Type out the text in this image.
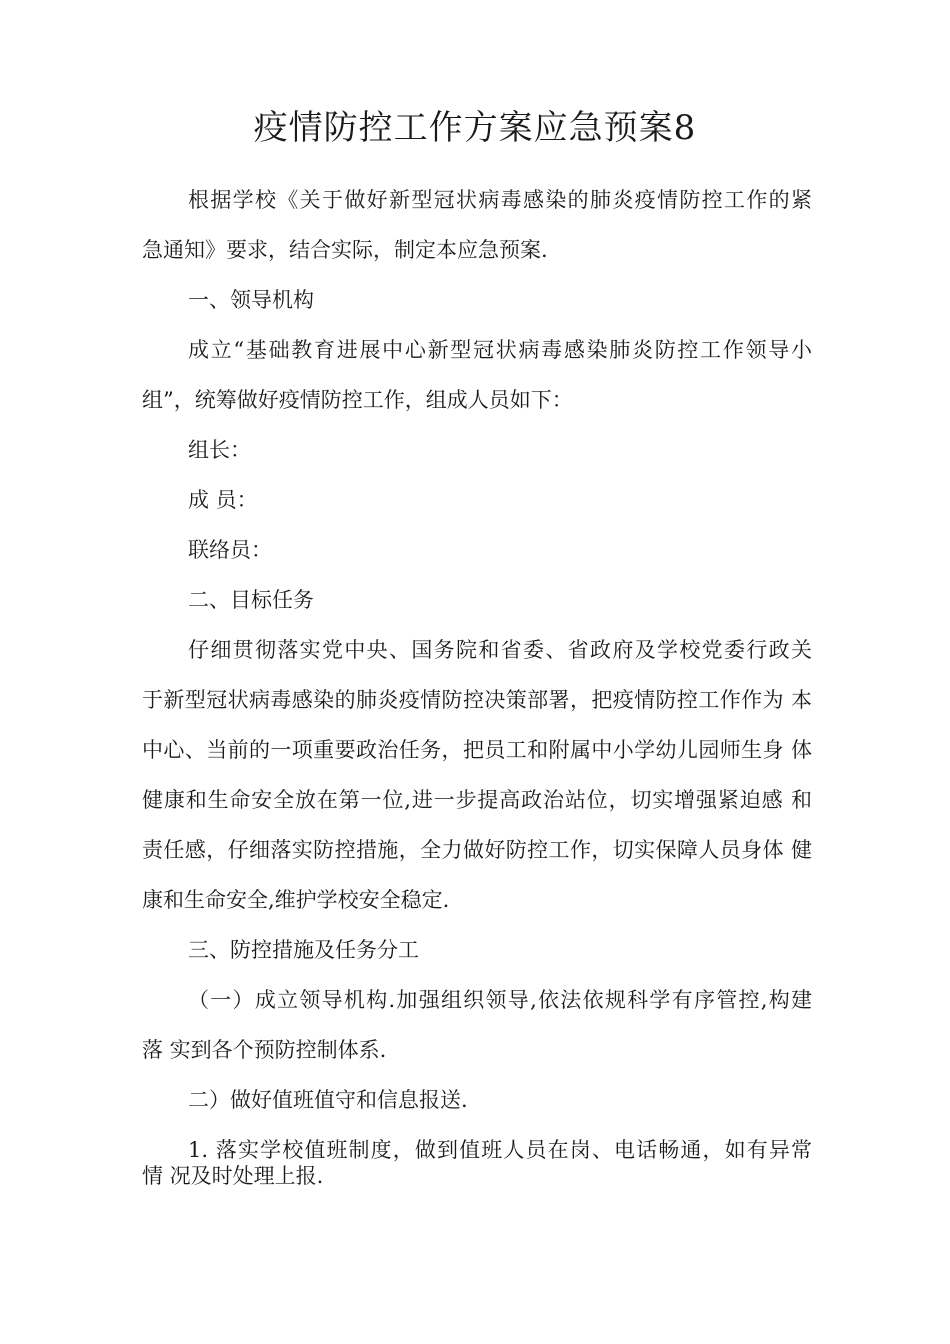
疫情防控工作方案应急预案8

根据学校《关于做好新型冠状病毒感染的肺炎疫情防控工作的紧

急通知》要求，结合实际，制定本应急预案.

一、领导机构

成立“基础教育进展中心新型冠状病毒感染肺炎防控工作领导小

组”，统筹做好疫情防控工作，组成人员如下：

组长：

成 员：

联络员：

二、目标任务

仔细贯彻落实党中央、国务院和省委、省政府及学校党委行政关

于新型冠状病毒感染的肺炎疫情防控决策部署，把疫情防控工作作为 本

中心、当前的一项重要政治任务，把员工和附属中小学幼儿园师生身 体

健康和生命安全放在第一位,进一步提高政治站位，切实增强紧迫感 和

责任感，仔细落实防控措施，全力做好防控工作，切实保障人员身体 健

康和生命安全,维护学校安全稳定.

三、防控措施及任务分工

（一）成立领导机构.加强组织领导,依法依规科学有序管控,构建

落 实到各个预防控制体系.

二）做好值班值守和信息报送.

1. 落实学校值班制度，做到值班人员在岗、电话畅通，如有异常

情 况及时处理上报.
